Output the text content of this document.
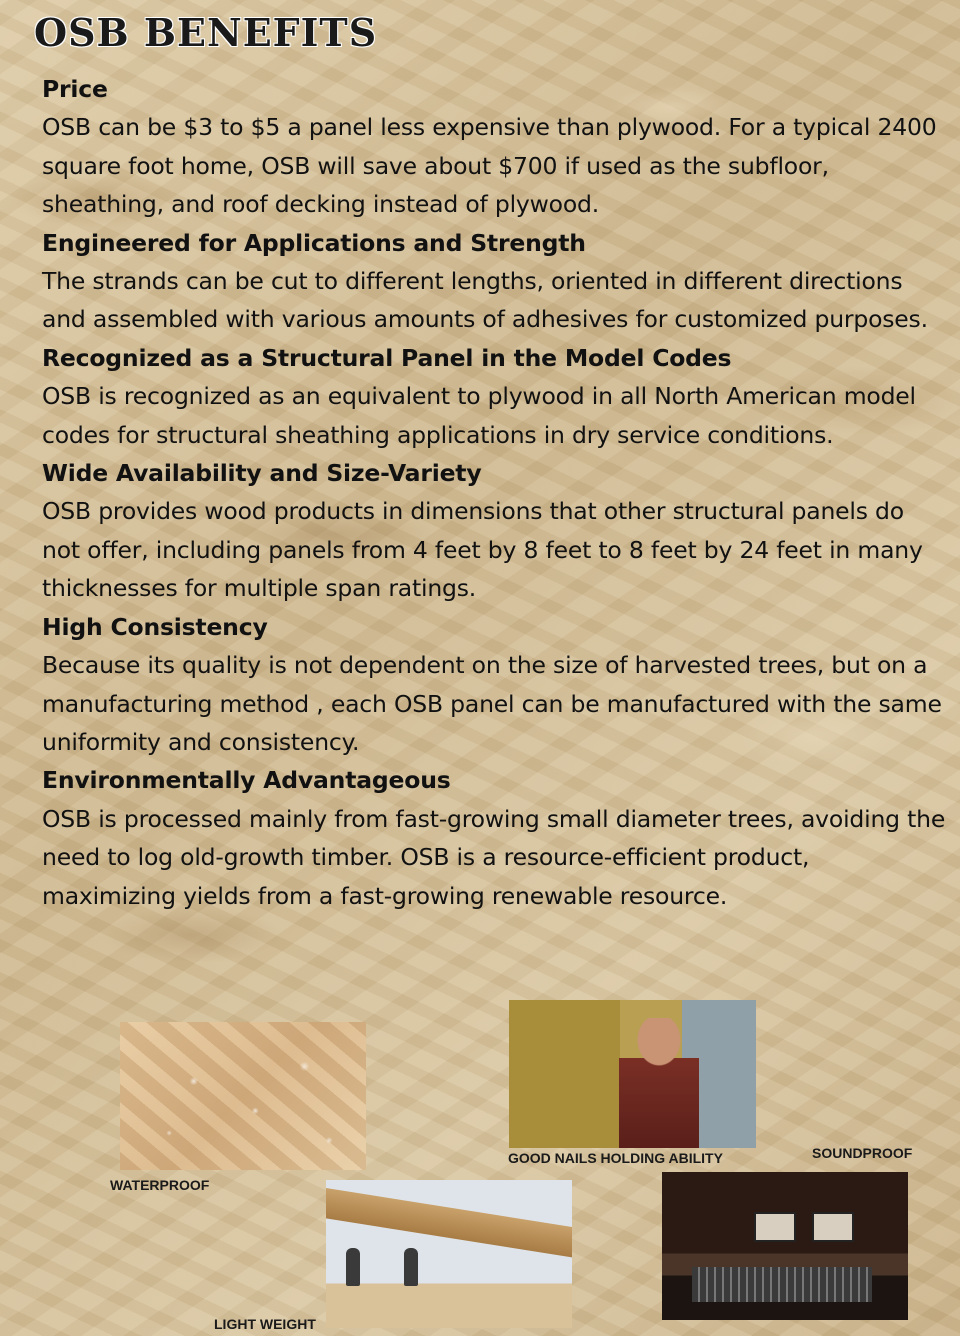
OSB BENEFITS
Price
OSB can be $3 to $5 a panel less expensive than plywood. For a typical 2400 square foot home, OSB will save about $700 if used as the subfloor, sheathing, and roof decking instead of plywood.
Engineered for Applications and Strength
The strands can be cut to different lengths, oriented in different directions and assembled with various amounts of adhesives for customized purposes.
Recognized as a Structural Panel in the Model Codes
OSB is recognized as an equivalent to plywood in all North American model codes for structural sheathing applications in dry service conditions.
Wide Availability and Size-Variety
OSB provides wood products in dimensions that other structural panels do not offer, including panels from 4 feet by 8 feet to 8 feet by 24 feet in many thicknesses for multiple span ratings.
High Consistency
Because its quality is not dependent on the size of harvested trees, but on a manufacturing method , each OSB panel can be manufactured with the same uniformity and consistency.
Environmentally Advantageous
OSB is processed mainly from fast-growing small diameter trees, avoiding the need to log old-growth timber. OSB is a resource-efficient product, maximizing yields from a fast-growing renewable resource.
WATERPROOF
GOOD NAILS HOLDING ABILITY	SOUNDPROOF
LIGHT WEIGHT
